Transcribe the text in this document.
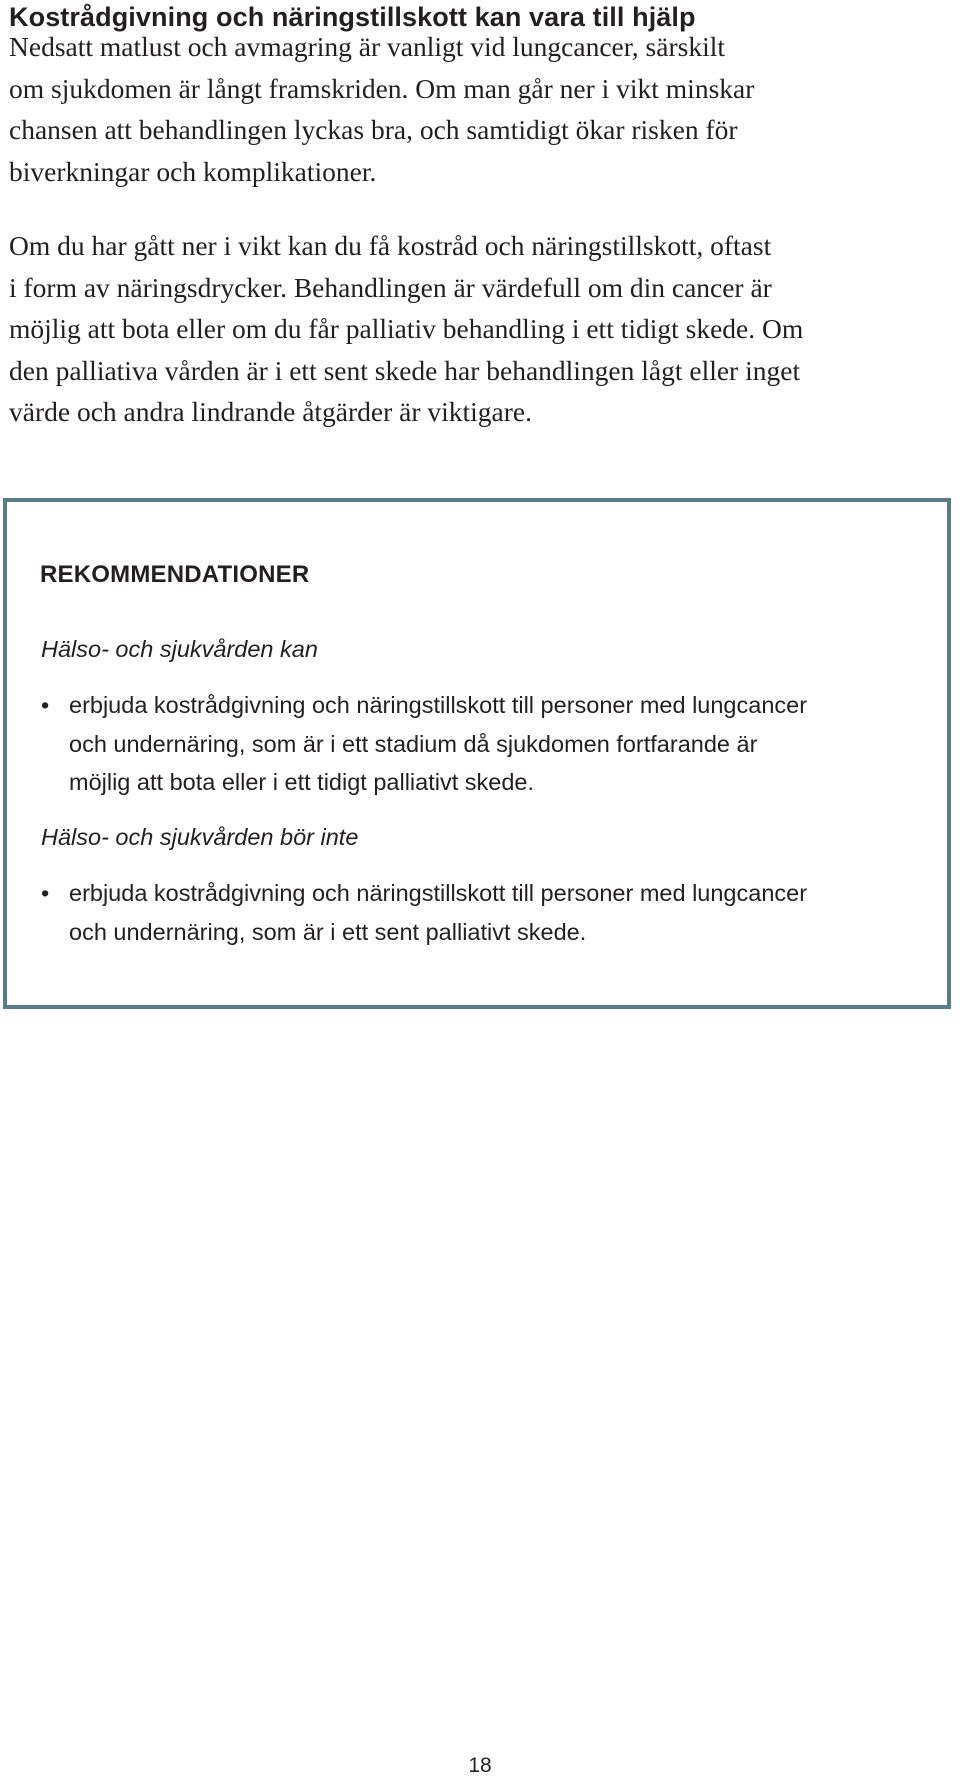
Kostrådgivning och näringstillskott kan vara till hjälp

Nedsatt matlust och avmagring är vanligt vid lungcancer, särskilt
om sjukdomen är långt framskriden. Om man går ner i vikt minskar
chansen att behandlingen lyckas bra, och samtidigt ökar risken för
biverkningar och komplikationer.

Om du har gått ner i vikt kan du få kostråd och näringstillskott, oftast
i form av näringsdrycker. Behandlingen är värdefull om din cancer är
möjlig att bota eller om du får palliativ behandling i ett tidigt skede. Om
den palliativa vården är i ett sent skede har behandlingen lågt eller inget
värde och andra lindrande åtgärder är viktigare.

REKOMMENDATIONER

Hälso- och sjukvården kan

• erbjuda kostrådgivning och näringstillskott till personer med lungcancer
och undernäring, som är i ett stadium då sjukdomen fortfarande är
möjlig att bota eller i ett tidigt palliativt skede.

Hälso- och sjukvården bör inte

• erbjuda kostrådgivning och näringstillskott till personer med lungcancer
och undernäring, som är i ett sent palliativt skede.
18
